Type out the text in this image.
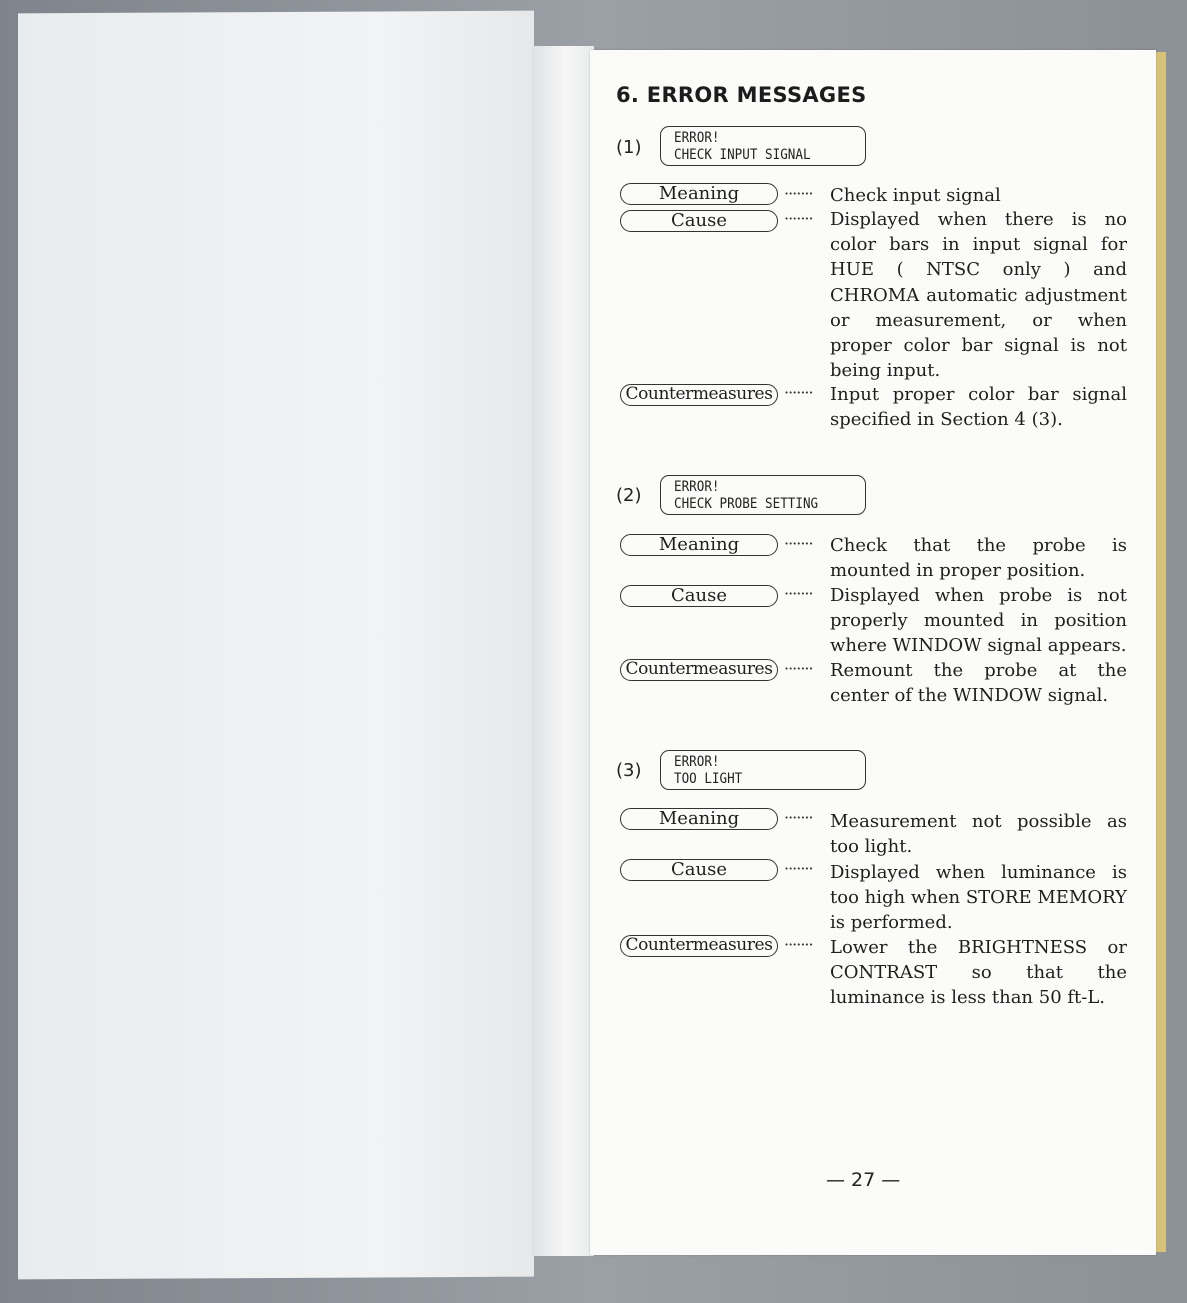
6. ERROR MESSAGES
(1) ERROR!
CHECK INPUT SIGNAL
Meaning	······· Check input signal
Cause	······· Displayed when there is no color bars in input signal for HUE ( NTSC only ) and CHROMA automatic adjustment or measurement, or when proper color bar signal is not being input.
Countermeasures ······· Input proper color bar signal specified in Section 4 (3).
(2) ERROR!
CHECK PROBE SETTING
Meaning	······· Check that the probe is mounted in proper position.
Cause	······· Displayed when probe is not properly mounted in position where WINDOW signal appears.
Countermeasures ······· Remount the probe at the center of the WINDOW signal.
(3) ERROR!
TOO LIGHT
Meaning	······· Measurement not possible as too light.
Cause	······· Displayed when luminance is too high when STORE MEMORY is performed.
Countermeasures ······· Lower the BRIGHTNESS or CONTRAST so that the luminance is less than 50 ft-L.
— 27 —
